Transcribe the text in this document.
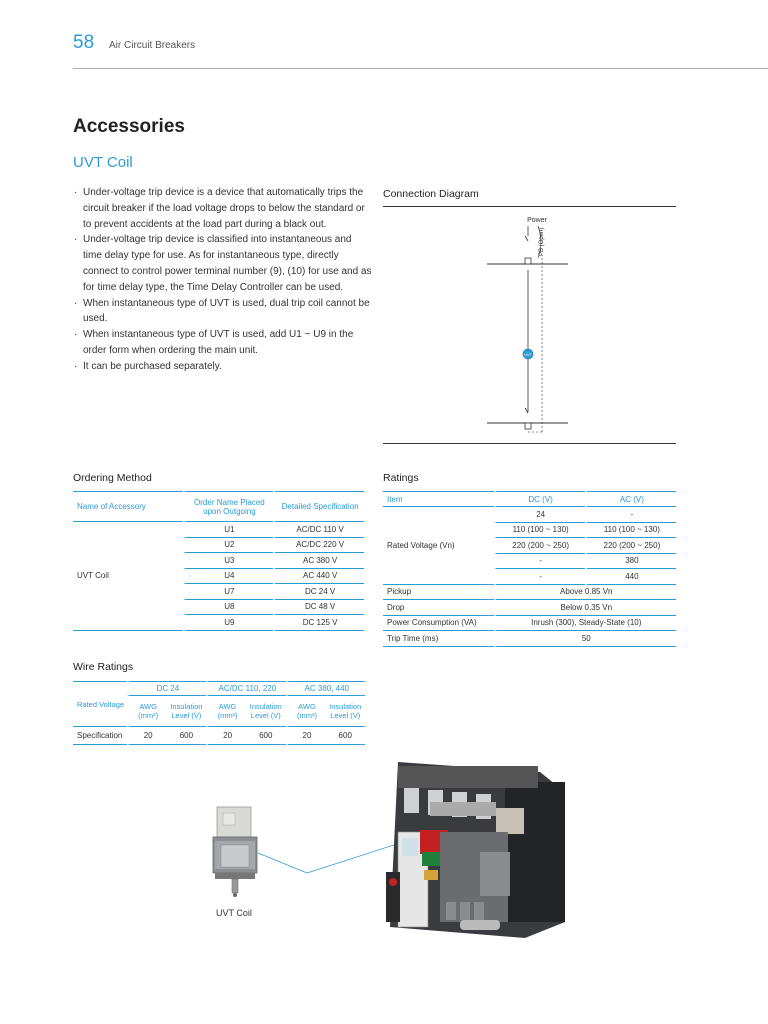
58 Air Circuit Breakers
Accessories
UVT Coil
· Under-voltage trip device is a device that automatically trips the circuit breaker if the load voltage drops to below the standard or to prevent accidents at the load part during a black out.
· Under-voltage trip device is classified into instantaneous and time delay type for use. As for instantaneous type, directly connect to control power terminal number (9), (10) for use and as for time delay type, the Time Delay Controller can be used.
· When instantaneous type of UVT is used, dual trip coil cannot be used.
· When instantaneous type of UVT is used, add U1 ~ U9 in the order form when ordering the main unit.
· It can be purchased separately.
Connection Diagram
Power
PB (Open)
UVT
Ordering Method
Name of Accessory	Order Name Placed upon Outgoing	Detailed Specification
UVT Coil	U1	AC/DC 110 V
	U2	AC/DC 220 V
	U3	AC 380 V
	U4	AC 440 V
	U7	DC 24 V
	U8	DC 48 V
	U9	DC 125 V
Ratings
Item	DC (V)	AC (V)
Rated Voltage (Vn)	24	-
	110 (100 ~ 130)	110 (100 ~ 130)
	220 (200 ~ 250)	220 (200 ~ 250)
	-	380
	-	440
Pickup	Above 0.85 Vn	
Drop	Below 0.35 Vn	
Power Consumption (VA)	Inrush (300), Steady-State (10)	
Trip Time (ms)	50	
Wire Ratings
Rated Voltage	DC 24		AC/DC 110, 220		AC 380, 440	
	AWG (mm²)	Insulation Level (V)	AWG (mm²)	Insulation Level (V)	AWG (mm²)	Insulation Level (V)
Specification	20	600	20	600	20	600
UVT Coil
